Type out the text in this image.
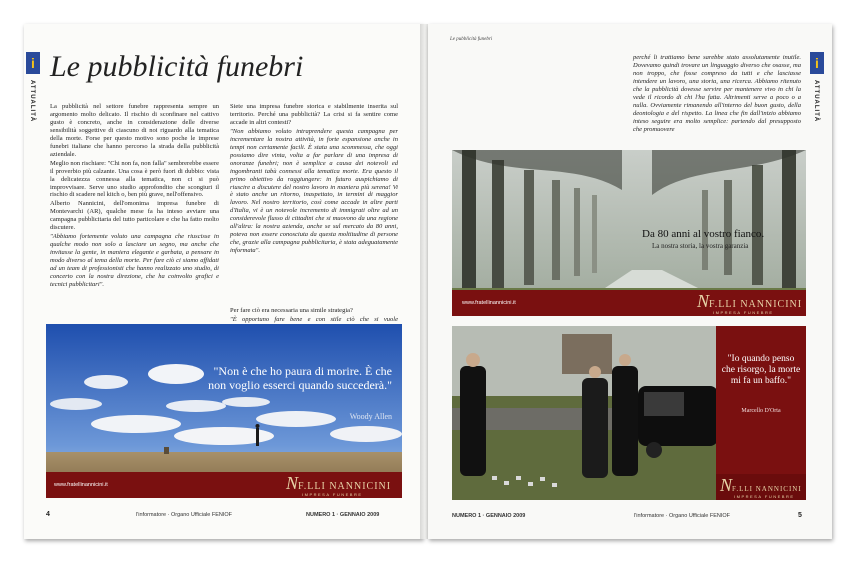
i
ATTUALITÀ
Le pubblicità funebri

La pubblicità nel settore funebre rappresenta sempre un argomento molto delicato. Il rischio di sconfinare nel cattivo gusto è concreto, anche in considerazione delle diverse sensibilità soggettive di ciascuno di noi riguardo alla tematica della morte. Forse per questo motivo sono poche le imprese funebri italiane che hanno percorso la strada della pubblicità aziendale.

Meglio non rischiare: "Chi non fa, non falla" sembrerebbe essere il proverbio più calzante. Una cosa è però fuori di dubbio: vista la delicatezza connessa alla tematica, non ci si può improvvisare. Serve uno studio approfondito che scongiuri il rischio di scadere nel kitch o, ben più grave, nell'offensivo.

Alberto Nannicini, dell'omonima impresa funebre di Montevarchi (AR), qualche mese fa ha inteso avviare una campagna pubblicitaria del tutto particolare e che ha fatto molto discutere.

"Abbiamo fortemente voluto una campagna che riuscisse in qualche modo non solo a lasciare un segno, ma anche che invitasse la gente, in maniera elegante e garbata, a pensare in modo diverso al tema della morte. Per fare ciò ci siamo affidati ad un team di professionisti che hanno realizzato uno studio, di concerto con la nostra direzione, che ha coinvolto grafici e tecnici pubblicitari".

Siete una impresa funebre storica e stabilmente inserita sul territorio. Perché una pubblicità? La crisi si fa sentire come accade in altri contesti?

"Non abbiamo voluto intraprendere questa campagna per incrementare la nostra attività, in forte espansione anche in tempi non certamente facili. È stata una scommessa, che oggi possiamo dire vinta, volta a far parlare di una impresa di onoranze funebri; non è semplice a causa dei notevoli ed ingombranti tabù connessi alla tematica morte. Era questo il primo obiettivo da raggiungere: in futuro auspichiamo di riuscire a discutere del nostro lavoro in maniera più serena! Vi è stato anche un ritorno, inaspettato, in termini di maggior lavoro. Nel nostro territorio, così come accade in altre parti d'Italia, vi è un notevole incremento di immigrati oltre ad un considerevole flusso di cittadini che si muovono da una regione all'altra: la nostra azienda, anche se sul mercato da 80 anni, poteva non essere conosciuta da questa moltitudine di persone che, grazie alla campagna pubblicitaria, è stata adeguatamente informata".

Per fare ciò era necessaria una simile strategia?

"È opportuno fare bene e con stile ciò che si vuole

"Non è che ho paura di morire. È che non voglio esserci quando succederà."
Woody Allen
www.fratellinannicini.it	NF.LLI NANNICINI
IMPRESA FUNEBRE
4	l'informatore · Organo Ufficiale FENIOF	NUMERO 1 · GENNAIO 2009
Le pubblicità funebri
i
ATTUALITÀ

perché li trattiamo bene sarebbe stato assolutamente inutile. Dovevamo quindi trovare un linguaggio diverso che osasse, ma non troppo, che fosse compreso da tutti e che lasciasse intendere un lavoro, una storia, una ricerca. Abbiamo ritenuto che la pubblicità dovesse servire per mantenere vivo in chi la vede il ricordo di chi l'ha fatta. Altrimenti serve a poco o a nulla. Ovviamente rimanendo all'interno del buon gusto, della deontologia e del rispetto. La linea che fin dall'inizio abbiamo inteso seguire era molto semplice: partendo dal presupposto che promuovere

Da 80 anni al vostro fianco.
La nostra storia, la vostra garanzia
www.fratellinannicini.it	NF.LLI NANNICINI
IMPRESA FUNEBRE
"Io quando penso che risorgo, la morte mi fa un baffo."
Marcello D'Orta
NF.LLI NANNICINI
IMPRESA FUNEBRE
NUMERO 1 · GENNAIO 2009	l'informatore · Organo Ufficiale FENIOF	5
